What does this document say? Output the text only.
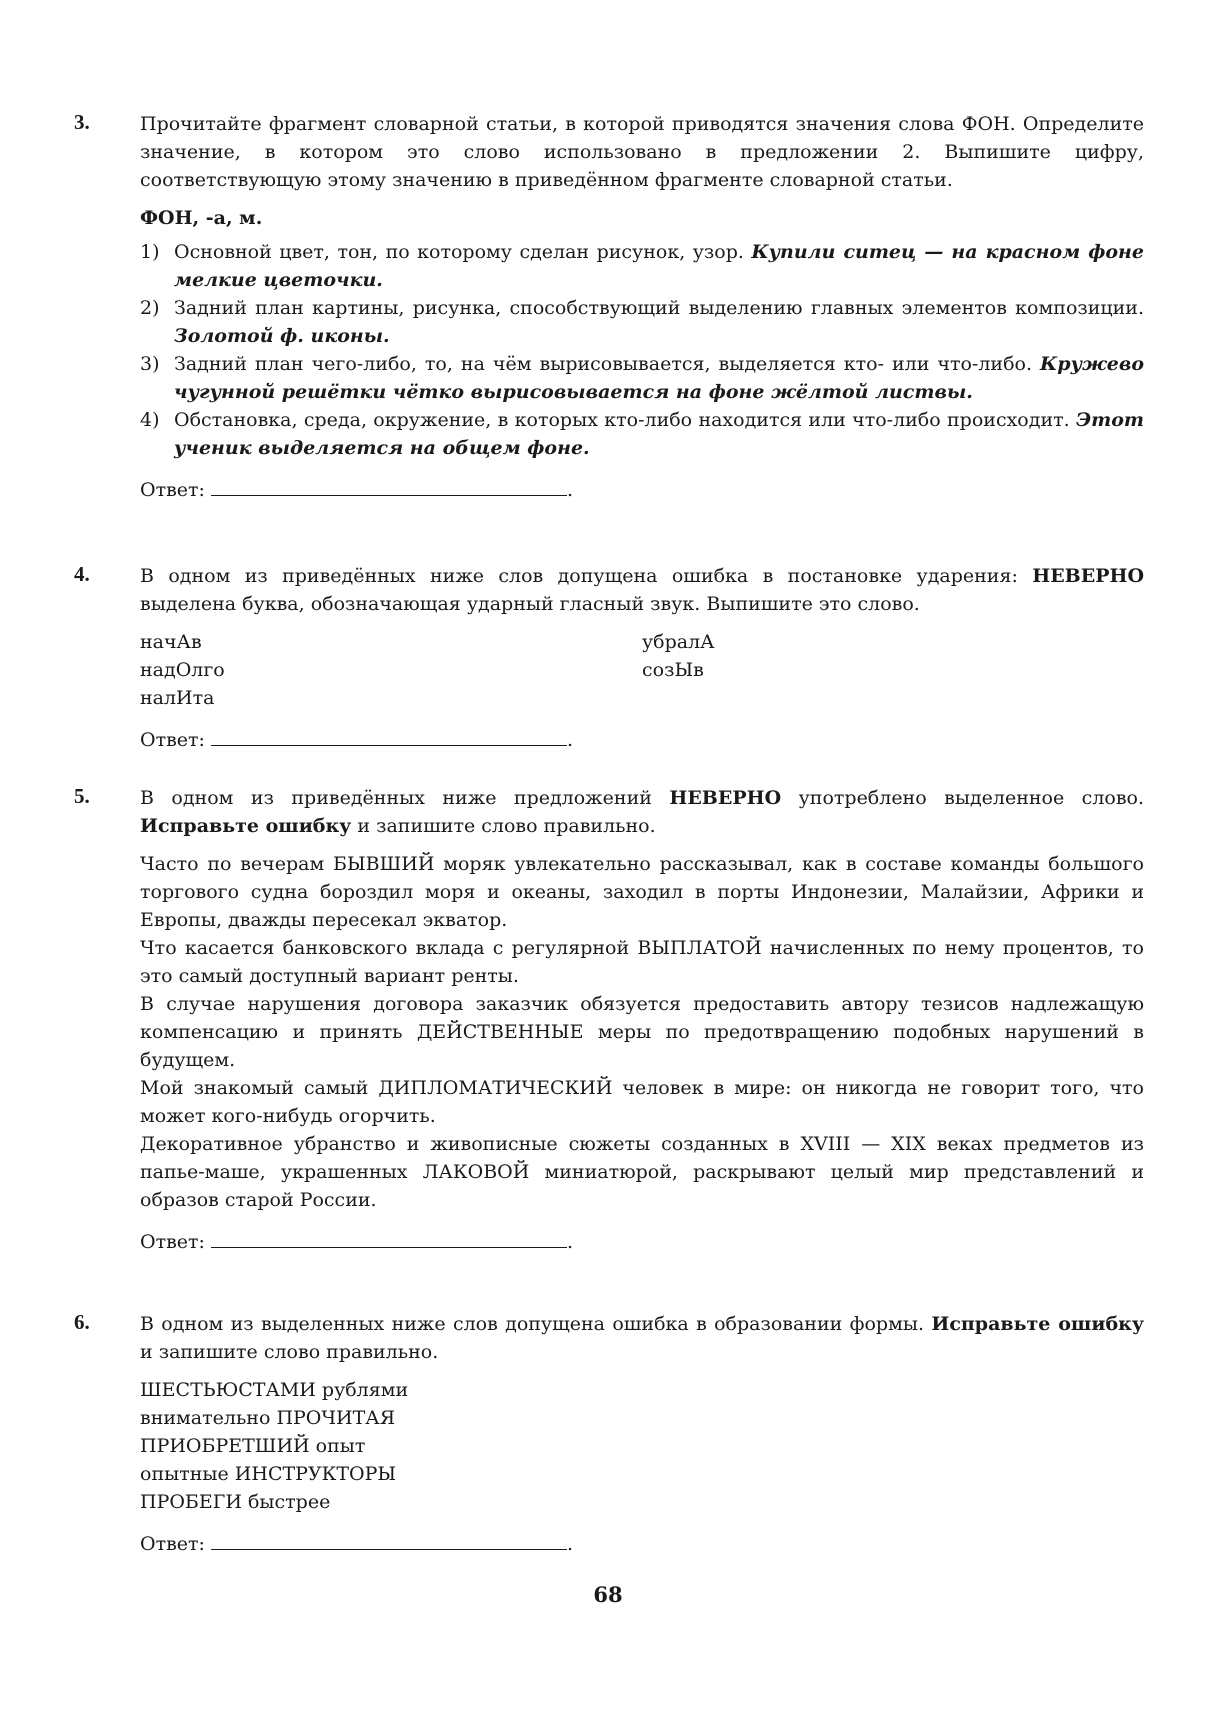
3.	Прочитайте фрагмент словарной статьи, в которой приводятся значения слова ФОН. Определите значение, в котором это слово использовано в предложении 2. Выпишите цифру, соответствующую этому значению в приведённом фрагменте словарной статьи.

ФОН, -а, м.

1) Основной цвет, тон, по которому сделан рисунок, узор. Купили ситец — на красном фоне мелкие цветочки.
2) Задний план картины, рисунка, способствующий выделению главных элементов композиции. Золотой ф. иконы.
3) Задний план чего-либо, то, на чём вырисовывается, выделяется кто- или что-либо. Кружево чугунной решётки чётко вырисовывается на фоне жёлтой листвы.
4) Обстановка, среда, окружение, в которых кто-либо находится или что-либо происходит. Этот ученик выделяется на общем фоне.
Ответ:	.
4.	В одном из приведённых ниже слов допущена ошибка в постановке ударения: НЕВЕРНО выделена буква, обозначающая ударный гласный звук. Выпишите это слово.

начАв
надОлго
налИта
убралА
созЫв
Ответ:	.
5.	В одном из приведённых ниже предложений НЕВЕРНО употреблено выделенное слово. Исправьте ошибку и запишите слово правильно.

Часто по вечерам БЫВШИЙ моряк увлекательно рассказывал, как в составе команды большого торгового судна бороздил моря и океаны, заходил в порты Индонезии, Малайзии, Африки и Европы, дважды пересекал экватор.

Что касается банковского вклада с регулярной ВЫПЛАТОЙ начисленных по нему процентов, то это самый доступный вариант ренты.

В случае нарушения договора заказчик обязуется предоставить автору тезисов надлежащую компенсацию и принять ДЕЙСТВЕННЫЕ меры по предотвращению подобных нарушений в будущем.

Мой знакомый самый ДИПЛОМАТИЧЕСКИЙ человек в мире: он никогда не говорит того, что может кого-нибудь огорчить.

Декоративное убранство и живописные сюжеты созданных в XVIII — XIX веках предметов из папье-маше, украшенных ЛАКОВОЙ миниатюрой, раскрывают целый мир представлений и образов старой России.

Ответ:	.
6.	В одном из выделенных ниже слов допущена ошибка в образовании формы. Исправьте ошибку и запишите слово правильно.

ШЕСТЬЮСТАМИ рублями
внимательно ПРОЧИТАЯ
ПРИОБРЕТШИЙ опыт
опытные ИНСТРУКТОРЫ
ПРОБЕГИ быстрее
Ответ:	.
68
